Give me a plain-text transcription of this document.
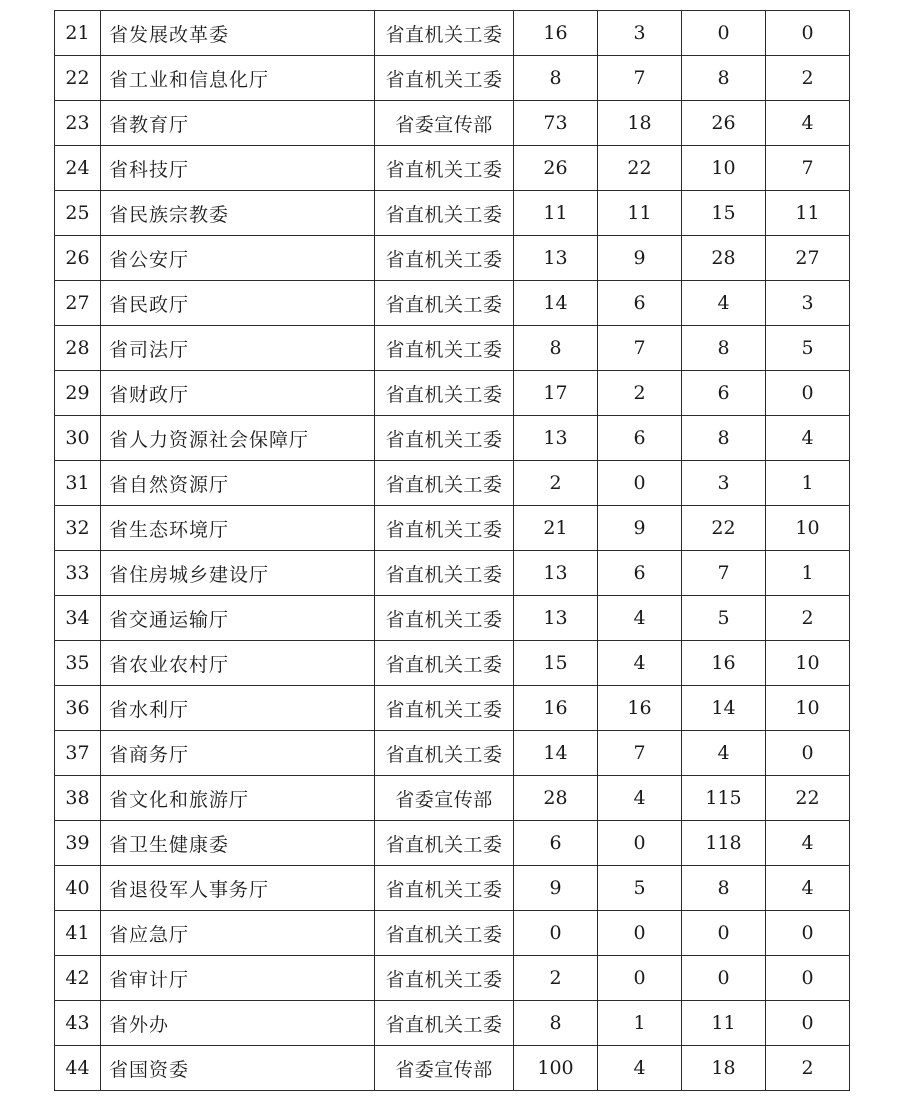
21	省发展改革委	省直机关工委	16	3	0	0
22	省工业和信息化厅	省直机关工委	8	7	8	2
23	省教育厅	省委宣传部	73	18	26	4
24	省科技厅	省直机关工委	26	22	10	7
25	省民族宗教委	省直机关工委	11	11	15	11
26	省公安厅	省直机关工委	13	9	28	27
27	省民政厅	省直机关工委	14	6	4	3
28	省司法厅	省直机关工委	8	7	8	5
29	省财政厅	省直机关工委	17	2	6	0
30	省人力资源社会保障厅	省直机关工委	13	6	8	4
31	省自然资源厅	省直机关工委	2	0	3	1
32	省生态环境厅	省直机关工委	21	9	22	10
33	省住房城乡建设厅	省直机关工委	13	6	7	1
34	省交通运输厅	省直机关工委	13	4	5	2
35	省农业农村厅	省直机关工委	15	4	16	10
36	省水利厅	省直机关工委	16	16	14	10
37	省商务厅	省直机关工委	14	7	4	0
38	省文化和旅游厅	省委宣传部	28	4	115	22
39	省卫生健康委	省直机关工委	6	0	118	4
40	省退役军人事务厅	省直机关工委	9	5	8	4
41	省应急厅	省直机关工委	0	0	0	0
42	省审计厅	省直机关工委	2	0	0	0
43	省外办	省直机关工委	8	1	11	0
44	省国资委	省委宣传部	100	4	18	2
